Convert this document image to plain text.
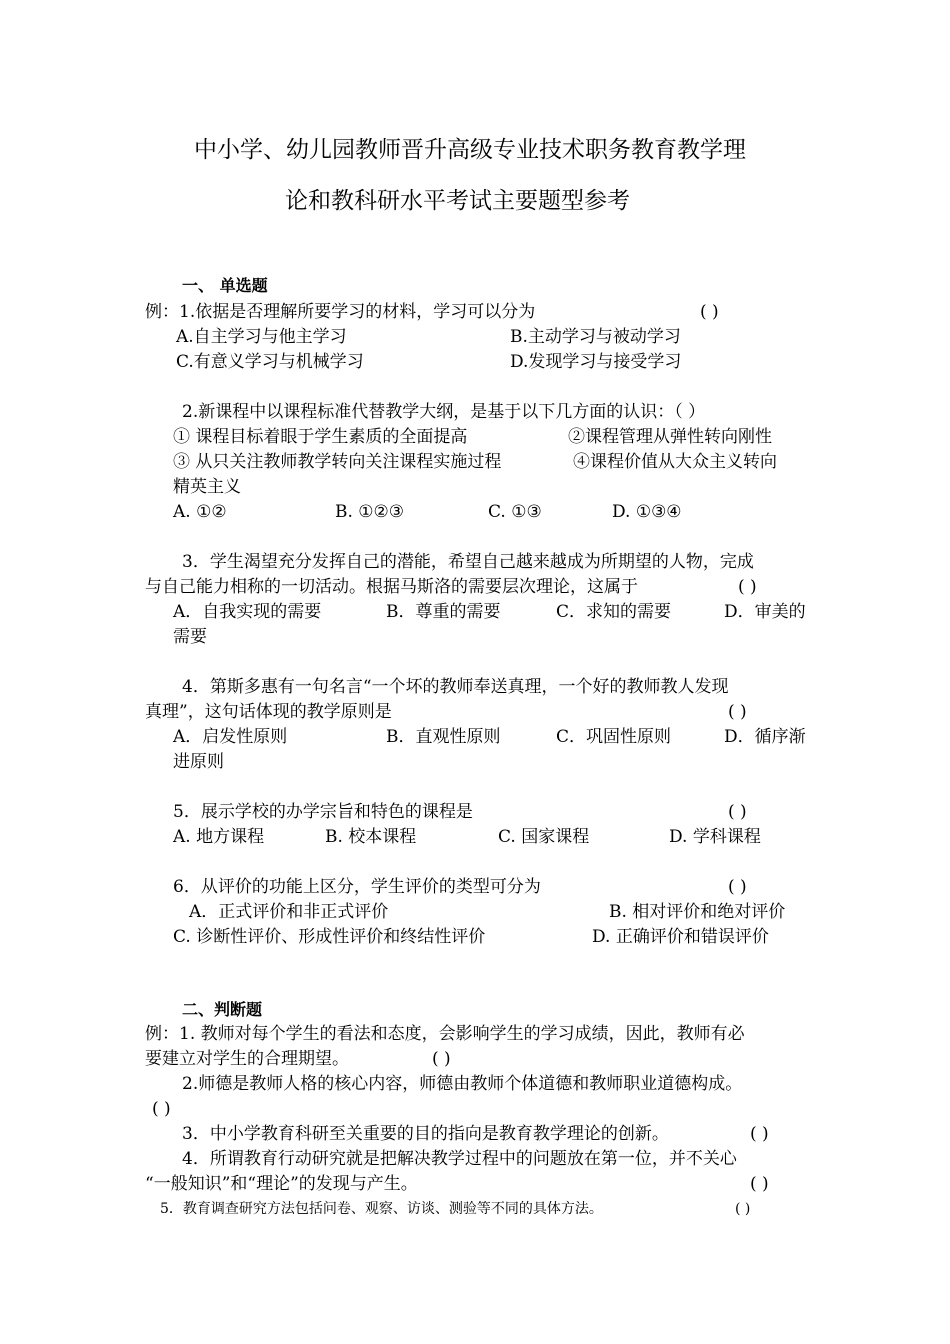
中小学、幼儿园教师晋升高级专业技术职务教育教学理
论和教科研水平考试主要题型参考
一、 单选题
例：1.依据是否理解所要学习的材料，学习可以分为	( )
A.自主学习与他主学习	B.主动学习与被动学习
C.有意义学习与机械学习	D.发现学习与接受学习
2.新课程中以课程标准代替教学大纲，是基于以下几方面的认识：（ ）
① 课程目标着眼于学生素质的全面提高	②课程管理从弹性转向刚性
③ 从只关注教师教学转向关注课程实施过程	④课程价值从大众主义转向
精英主义
A. ①②	B. ①②③	C. ①③	D. ①③④
3．学生渴望充分发挥自己的潜能，希望自己越来越成为所期望的人物，完成
与自己能力相称的一切活动。根据马斯洛的需要层次理论，这属于	( )
A．自我实现的需要	B．尊重的需要	C．求知的需要	D．审美的
需要
4．第斯多惠有一句名言“一个坏的教师奉送真理，一个好的教师教人发现
真理”，这句话体现的教学原则是	( )
A．启发性原则	B．直观性原则	C．巩固性原则	D．循序渐
进原则
5．展示学校的办学宗旨和特色的课程是	( )
A. 地方课程	B. 校本课程	C. 国家课程	D. 学科课程
6．从评价的功能上区分，学生评价的类型可分为	( )
A．正式评价和非正式评价	B. 相对评价和绝对评价
C. 诊断性评价、形成性评价和终结性评价	D. 正确评价和错误评价
二、判断题
例：1. 教师对每个学生的看法和态度，会影响学生的学习成绩，因此，教师有必
要建立对学生的合理期望。	( )
2.师德是教师人格的核心内容，师德由教师个体道德和教师职业道德构成。
( )
3．中小学教育科研至关重要的目的指向是教育教学理论的创新。	( )
4．所谓教育行动研究就是把解决教学过程中的问题放在第一位，并不关心
“一般知识”和“理论”的发现与产生。	( )
5．教育调查研究方法包括问卷、观察、访谈、测验等不同的具体方法。	( )
